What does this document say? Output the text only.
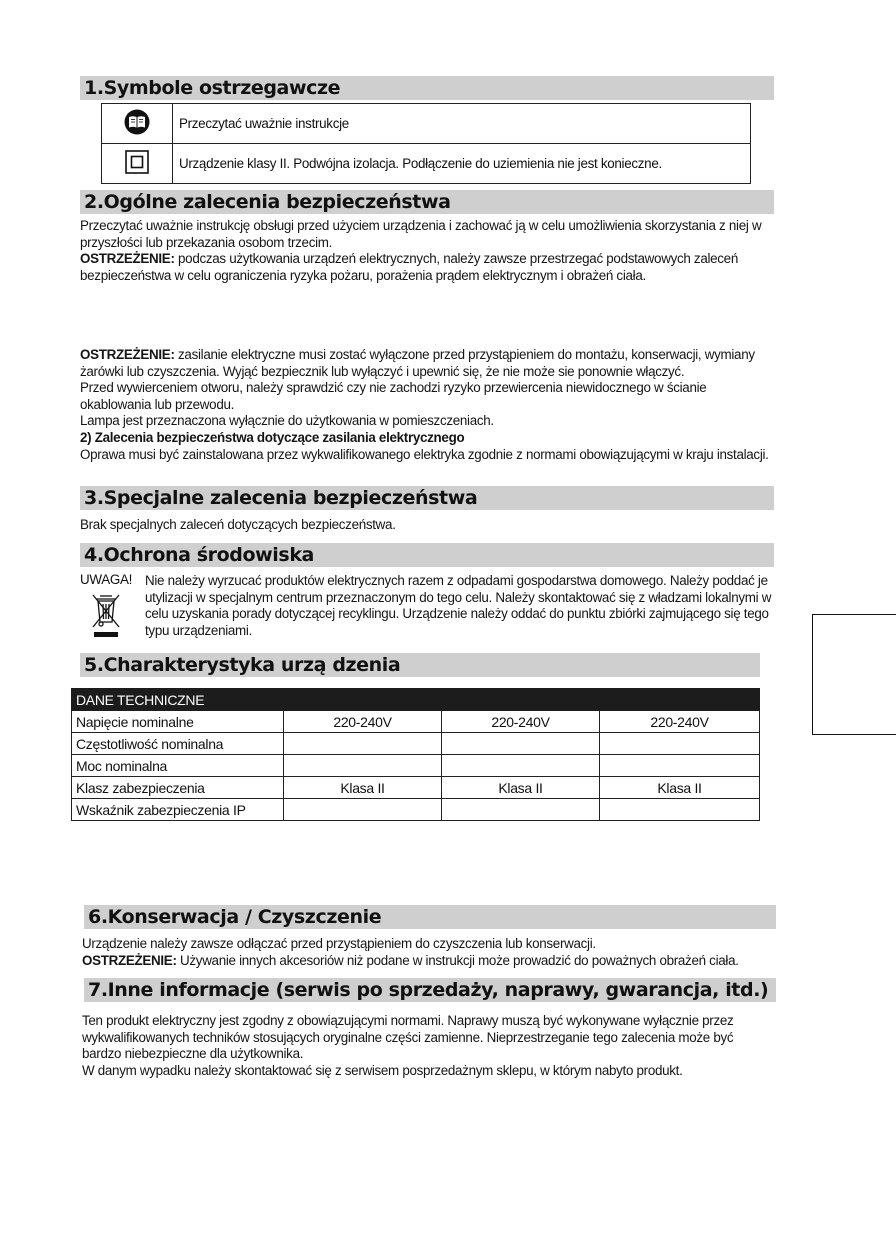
1.Symbole ostrzegawcze
	Przeczytać uważnie instrukcje
	Urządzenie klasy II. Podwójna izolacja. Podłączenie do uziemienia nie jest konieczne.
2.Ogólne zalecenia bezpieczeństwa

Przeczytać uważnie instrukcję obsługi przed użyciem urządzenia i zachować ją w celu umożliwienia skorzystania z niej w przyszłości lub przekazania osobom trzecim.

OSTRZEŻENIE: podczas użytkowania urządzeń elektrycznych, należy zawsze przestrzegać podstawowych zaleceń bezpieczeństwa w celu ograniczenia ryzyka pożaru, porażenia prądem elektrycznym i obrażeń ciała.

OSTRZEŻENIE: zasilanie elektryczne musi zostać wyłączone przed przystąpieniem do montażu, konserwacji, wymiany żarówki lub czyszczenia. Wyjąć bezpiecznik lub wyłączyć i upewnić się, że nie może sie ponownie włączyć.

Przed wywierceniem otworu, należy sprawdzić czy nie zachodzi ryzyko przewiercenia niewidocznego w ścianie okablowania lub przewodu.

Lampa jest przeznaczona wyłącznie do użytkowania w pomieszczeniach.

2) Zalecenia bezpieczeństwa dotyczące zasilania elektrycznego

Oprawa musi być zainstalowana przez wykwalifikowanego elektryka zgodnie z normami obowiązującymi w kraju instalacji.

3.Specjalne zalecenia bezpieczeństwa
Brak specjalnych zaleceń dotyczących bezpieczeństwa.
4.Ochrona środowiska
UWAGA! Nie należy wyrzucać produktów elektrycznych razem z odpadami gospodarstwa domowego. Należy poddać je utylizacji w specjalnym centrum przeznaczonym do tego celu. Należy skontaktować się z władzami lokalnymi w celu uzyskania porady dotyczącej recyklingu. Urządzenie należy oddać do punktu zbiórki zajmującego się tego typu urządzeniami.
5.Charakterystyka urzą dzenia
DANE TECHNICZNE			
Napięcie nominalne	220-240V	220-240V	220-240V
Częstotliwość nominalna			
Moc nominalna			
Klasz zabezpieczenia	Klasa II	Klasa II	Klasa II
Wskaźnik zabezpieczenia IP			
6.Konserwacja / Czyszczenie

Urządzenie należy zawsze odłączać przed przystąpieniem do czyszczenia lub konserwacji.

OSTRZEŻENIE: Używanie innych akcesoriów niż podane w instrukcji może prowadzić do poważnych obrażeń ciała.

7.Inne informacje (serwis po sprzedaży, naprawy, gwarancja, itd.)

Ten produkt elektryczny jest zgodny z obowiązującymi normami. Naprawy muszą być wykonywane wyłącznie przez wykwalifikowanych techników stosujących oryginalne części zamienne. Nieprzestrzeganie tego zalecenia może być bardzo niebezpieczne dla użytkownika.

W danym wypadku należy skontaktować się z serwisem posprzedażnym sklepu, w którym nabyto produkt.
